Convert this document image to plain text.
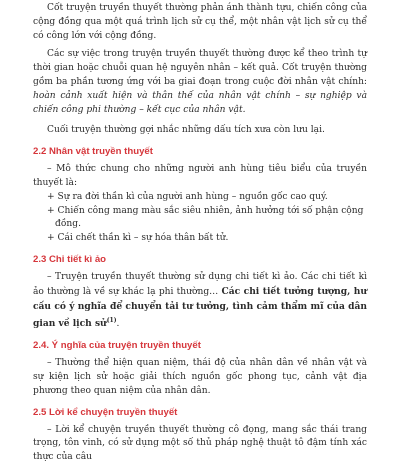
Cốt truyện truyền thuyết thường phản ánh thành tựu, chiến công của cộng đồng qua một quá trình lịch sử cụ thể, một nhân vật lịch sử cụ thể có công lớn với cộng đồng.

Các sự việc trong truyện truyền thuyết thường được kể theo trình tự thời gian hoặc chuỗi quan hệ nguyên nhân – kết quả. Cốt truyện thường gồm ba phần tương ứng với ba giai đoạn trong cuộc đời nhân vật chính: hoàn cảnh xuất hiện và thân thế của nhân vật chính – sự nghiệp và chiến công phi thường – kết cục của nhân vật.

Cuối truyện thường gợi nhắc những dấu tích xưa còn lưu lại.

2.2 Nhân vật truyền thuyết

– Mô thức chung cho những người anh hùng tiêu biểu của truyền thuyết là:

+ Sự ra đời thần kì của người anh hùng – nguồn gốc cao quý.

+ Chiến công mang màu sắc siêu nhiên, ảnh hưởng tới số phận cộng đồng.

+ Cái chết thần kì – sự hóa thân bất tử.

2.3 Chi tiết kì ảo

– Truyện truyền thuyết thường sử dụng chi tiết kì ảo. Các chi tiết kì ảo thường là về sự khác lạ phi thường… Các chi tiết tưởng tượng, hư cấu có ý nghĩa để chuyển tải tư tưởng, tình cảm thẩm mĩ của dân gian về lịch sử$^{(1)}$.

2.4. Ý nghĩa của truyện truyền thuyết

– Thường thể hiện quan niệm, thái độ của nhân dân về nhân vật và sự kiện lịch sử hoặc giải thích nguồn gốc phong tục, cảnh vật địa phương theo quan niệm của nhân dân.

2.5 Lời kể chuyện truyền thuyết

– Lời kể chuyện truyền thuyết thường cô đọng, mang sắc thái trang trọng, tôn vinh, có sử dụng một số thủ pháp nghệ thuật tô đậm tính xác thực của câu
